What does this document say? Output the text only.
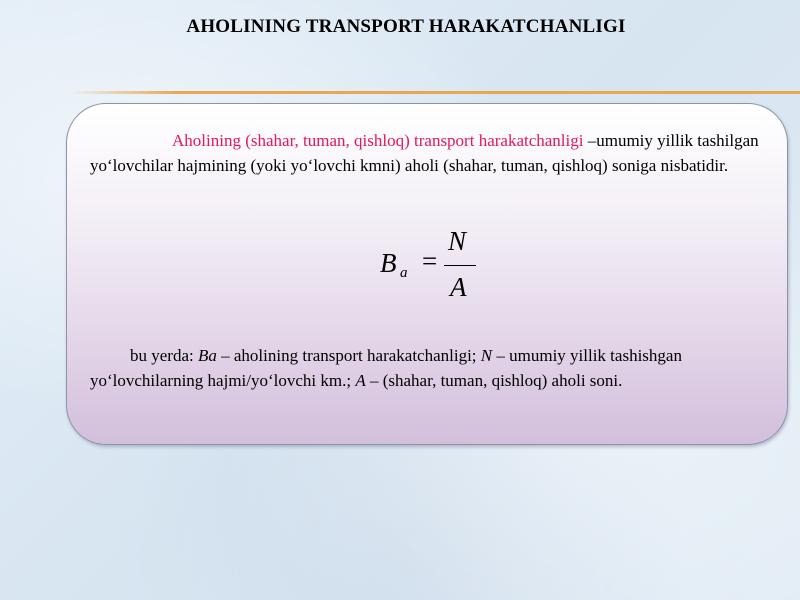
AHOLINING TRANSPORT HARAKATCHANLIGI
Aholining (shahar, tuman, qishloq) transport harakatchanligi –umumiy yillik tashilgan yo‘lovchilar hajmining (yoki yo‘lovchi kmni) aholi (shahar, tuman, qishloq) soniga nisbatidir.
B a =
N
A
bu yerda: Ba – aholining transport harakatchanligi; N – umumiy yillik tashishgan yo‘lovchilarning hajmi/yo‘lovchi km.; A – (shahar, tuman, qishloq) aholi soni.
